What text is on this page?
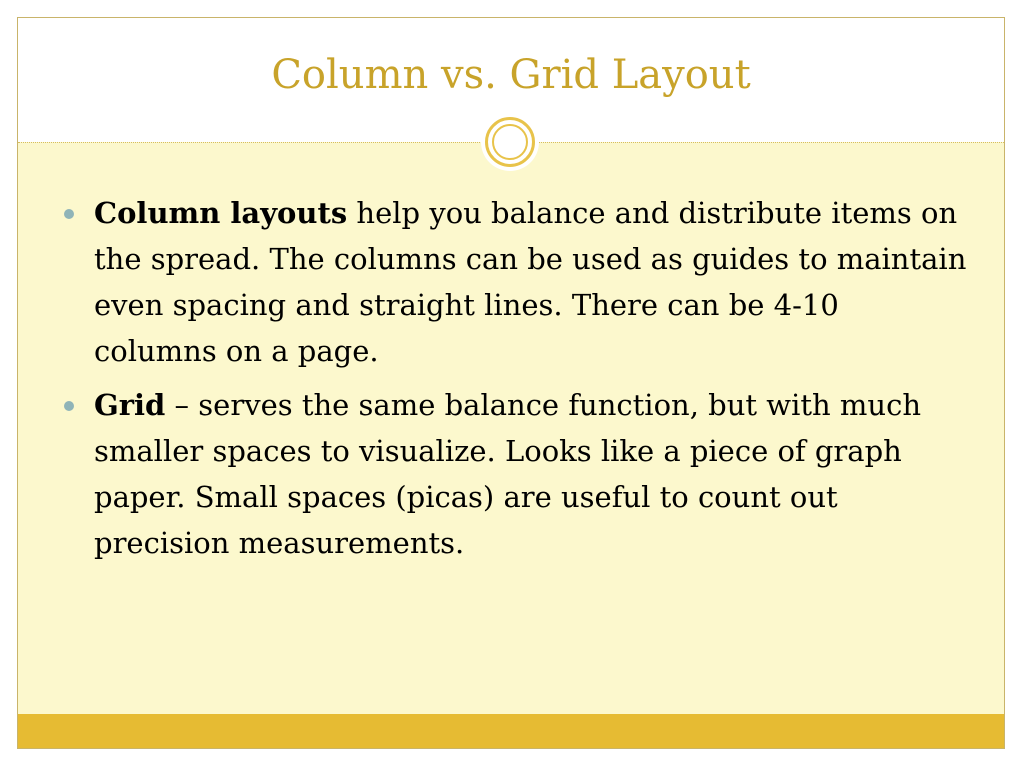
Column vs. Grid Layout
Column layouts help you balance and distribute items on the spread. The columns can be used as guides to maintain even spacing and straight lines. There can be 4-10 columns on a page.
Grid – serves the same balance function, but with much smaller spaces to visualize. Looks like a piece of graph paper. Small spaces (picas) are useful to count out precision measurements.
